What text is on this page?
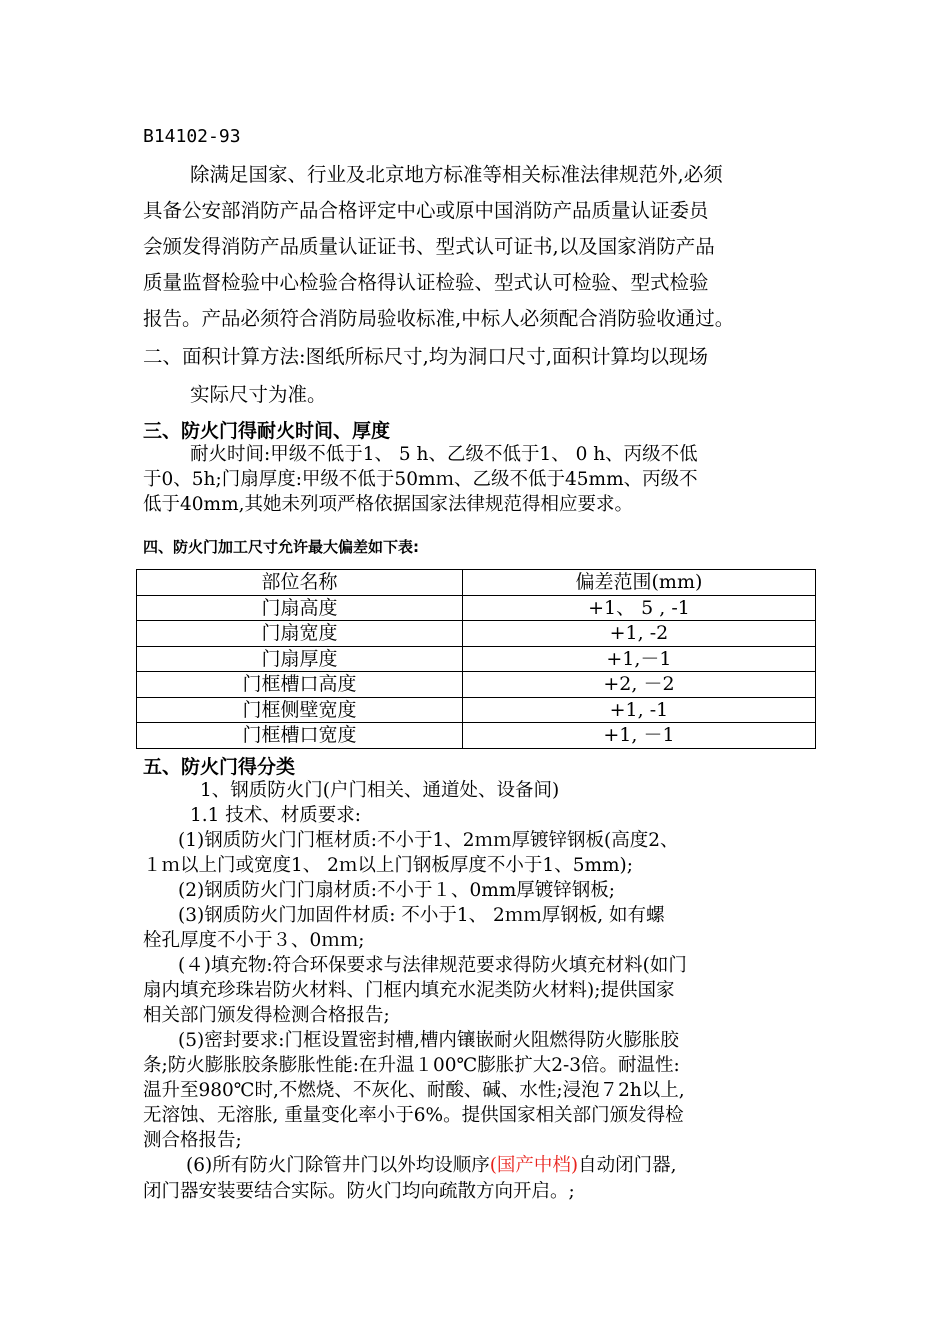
B14102-93
除满足国家、行业及北京地方标准等相关标准法律规范外,必须
具备公安部消防产品合格评定中心或原中国消防产品质量认证委员
会颁发得消防产品质量认证证书、型式认可证书,以及国家消防产品
质量监督检验中心检验合格得认证检验、型式认可检验、型式检验
报告。产品必须符合消防局验收标准,中标人必须配合消防验收通过。
二、面积计算方法:图纸所标尺寸,均为洞口尺寸,面积计算均以现场
实际尺寸为准。
三、防火门得耐火时间、厚度
耐火时间:甲级不低于1、 5 h、乙级不低于1、 0 h、丙级不低
于0、5h;门扇厚度:甲级不低于50mｍ、乙级不低于45mm、丙级不
低于40mm,其她未列项严格依据国家法律规范得相应要求。
四、防火门加工尺寸允许最大偏差如下表:
部位名称	偏差范围(mm)
门扇高度	+1、 5 , -1
门扇宽度	+1, -2
门扇厚度	+1,－1
门框槽口高度	+2, －2
门框侧壁宽度	+1, -1
门框槽口宽度	+1, －1
五、防火门得分类
1、钢质防火门(户门相关、通道处、设备间)
1.1 技术、材质要求:
(1)钢质防火门门框材质:不小于1、2ｍｍ厚镀锌钢板(高度2、
１ｍ以上门或宽度1、 2ｍ以上门钢板厚度不小于1、5mm);
(2)钢质防火门门扇材质:不小于１、0mm厚镀锌钢板;
(3)钢质防火门加固件材质: 不小于1、 2ｍｍ厚钢板, 如有螺
栓孔厚度不小于３、0ｍｍ;
(４)填充物:符合环保要求与法律规范要求得防火填充材料(如门
扇内填充珍珠岩防火材料、门框内填充水泥类防火材料);提供国家
相关部门颁发得检测合格报告;
(5)密封要求:门框设置密封槽,槽内镶嵌耐火阻燃得防火膨胀胶
条;防火膨胀胶条膨胀性能:在升温１00℃膨胀扩大2-3倍。耐温性:
温升至980℃时,不燃烧、不灰化、耐酸、碱、水性;浸泡７2h以上,
无溶蚀、无溶胀, 重量变化率小于6%。提供国家相关部门颁发得检
测合格报告;
(6)所有防火门除管井门以外均设顺序(国产中档)自动闭门器,
闭门器安装要结合实际。防火门均向疏散方向开启。;
